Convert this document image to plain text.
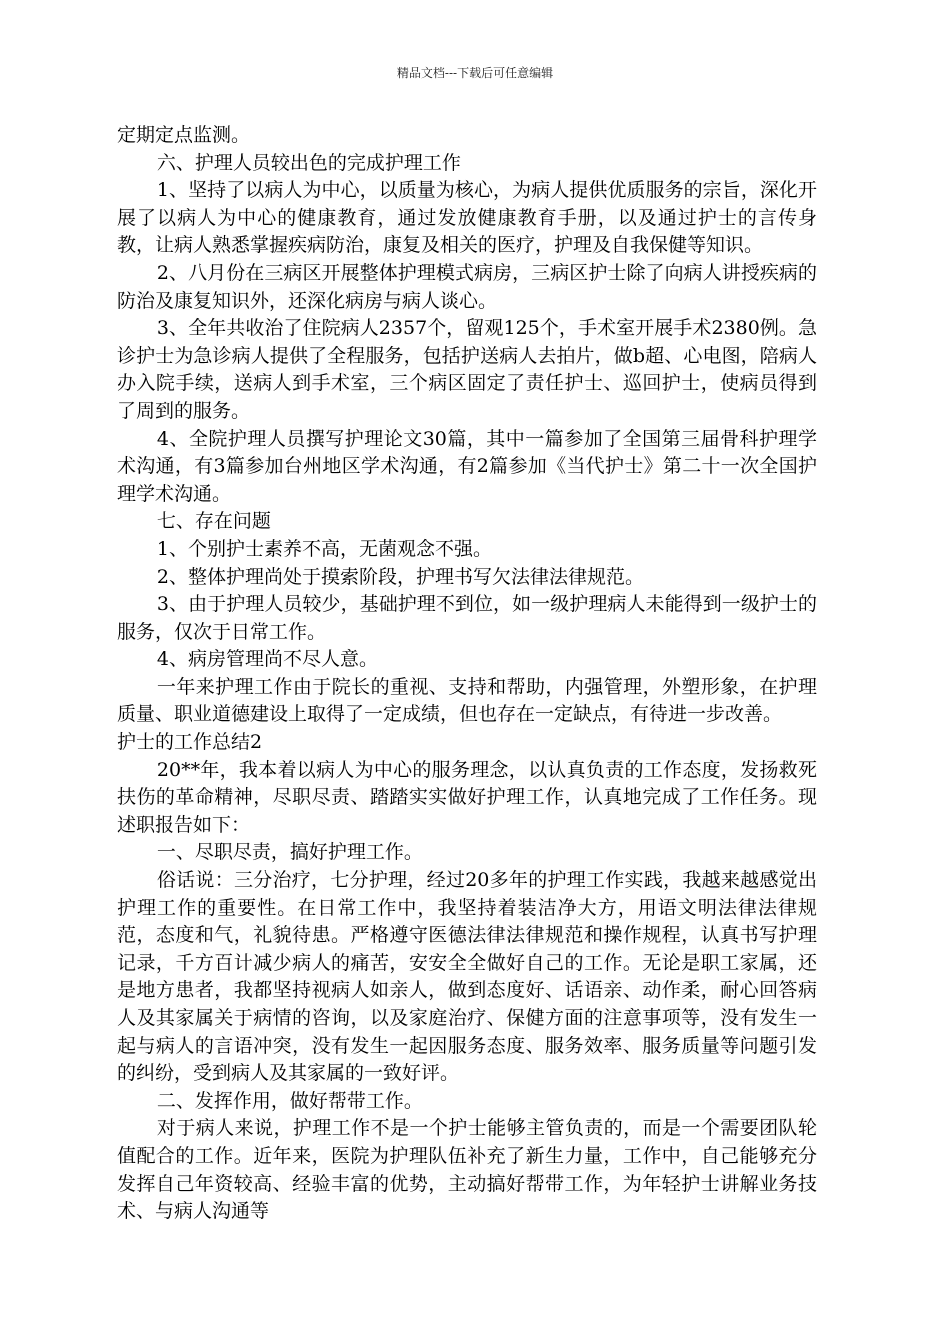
精品文档---下载后可任意编辑

定期定点监测。

六、护理人员较出色的完成护理工作

1、坚持了以病人为中心，以质量为核心，为病人提供优质服务的宗旨，深化开展了以病人为中心的健康教育，通过发放健康教育手册，以及通过护士的言传身教，让病人熟悉掌握疾病防治，康复及相关的医疗，护理及自我保健等知识。

2、八月份在三病区开展整体护理模式病房，三病区护士除了向病人讲授疾病的防治及康复知识外，还深化病房与病人谈心。

3、全年共收治了住院病人2357个，留观125个，手术室开展手术2380例。急诊护士为急诊病人提供了全程服务，包括护送病人去拍片，做b超、心电图，陪病人办入院手续，送病人到手术室，三个病区固定了责任护士、巡回护士，使病员得到了周到的服务。

4、全院护理人员撰写护理论文30篇，其中一篇参加了全国第三届骨科护理学术沟通，有3篇参加台州地区学术沟通，有2篇参加《当代护士》第二十一次全国护理学术沟通。

七、存在问题

1、个别护士素养不高，无菌观念不强。

2、整体护理尚处于摸索阶段，护理书写欠法律法律规范。

3、由于护理人员较少，基础护理不到位，如一级护理病人未能得到一级护士的服务，仅次于日常工作。

4、病房管理尚不尽人意。

一年来护理工作由于院长的重视、支持和帮助，内强管理，外塑形象，在护理质量、职业道德建设上取得了一定成绩，但也存在一定缺点，有待进一步改善。

护士的工作总结2

20**年，我本着以病人为中心的服务理念，以认真负责的工作态度，发扬救死扶伤的革命精神，尽职尽责、踏踏实实做好护理工作，认真地完成了工作任务。现述职报告如下：

一、尽职尽责，搞好护理工作。

俗话说：三分治疗，七分护理，经过20多年的护理工作实践，我越来越感觉出护理工作的重要性。在日常工作中，我坚持着装洁净大方，用语文明法律法律规范，态度和气，礼貌待患。严格遵守医德法律法律规范和操作规程，认真书写护理记录，千方百计减少病人的痛苦，安安全全做好自己的工作。无论是职工家属，还是地方患者，我都坚持视病人如亲人，做到态度好、话语亲、动作柔，耐心回答病人及其家属关于病情的咨询，以及家庭治疗、保健方面的注意事项等，没有发生一起与病人的言语冲突，没有发生一起因服务态度、服务效率、服务质量等问题引发的纠纷，受到病人及其家属的一致好评。

二、发挥作用，做好帮带工作。

对于病人来说，护理工作不是一个护士能够主管负责的，而是一个需要团队轮值配合的工作。近年来，医院为护理队伍补充了新生力量，工作中，自己能够充分发挥自己年资较高、经验丰富的优势，主动搞好帮带工作，为年轻护士讲解业务技术、与病人沟通等
